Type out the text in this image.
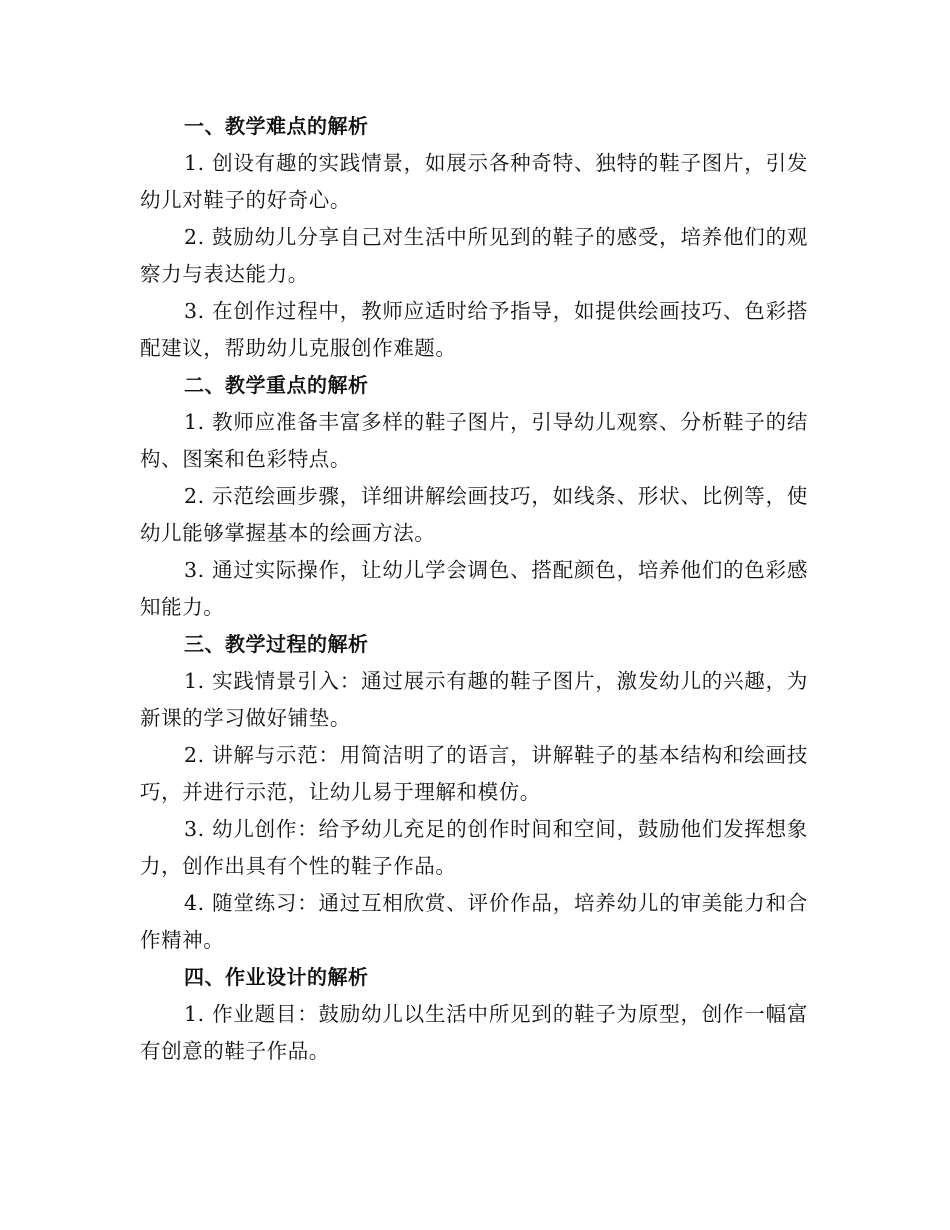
一、教学难点的解析

1. 创设有趣的实践情景，如展示各种奇特、独特的鞋子图片，引发幼儿对鞋子的好奇心。

2. 鼓励幼儿分享自己对生活中所见到的鞋子的感受，培养他们的观察力与表达能力。

3. 在创作过程中，教师应适时给予指导，如提供绘画技巧、色彩搭配建议，帮助幼儿克服创作难题。

二、教学重点的解析

1. 教师应准备丰富多样的鞋子图片，引导幼儿观察、分析鞋子的结构、图案和色彩特点。

2. 示范绘画步骤，详细讲解绘画技巧，如线条、形状、比例等，使幼儿能够掌握基本的绘画方法。

3. 通过实际操作，让幼儿学会调色、搭配颜色，培养他们的色彩感知能力。

三、教学过程的解析

1. 实践情景引入：通过展示有趣的鞋子图片，激发幼儿的兴趣，为新课的学习做好铺垫。

2. 讲解与示范：用简洁明了的语言，讲解鞋子的基本结构和绘画技巧，并进行示范，让幼儿易于理解和模仿。

3. 幼儿创作：给予幼儿充足的创作时间和空间，鼓励他们发挥想象力，创作出具有个性的鞋子作品。

4. 随堂练习：通过互相欣赏、评价作品，培养幼儿的审美能力和合作精神。

四、作业设计的解析

1. 作业题目：鼓励幼儿以生活中所见到的鞋子为原型，创作一幅富有创意的鞋子作品。
